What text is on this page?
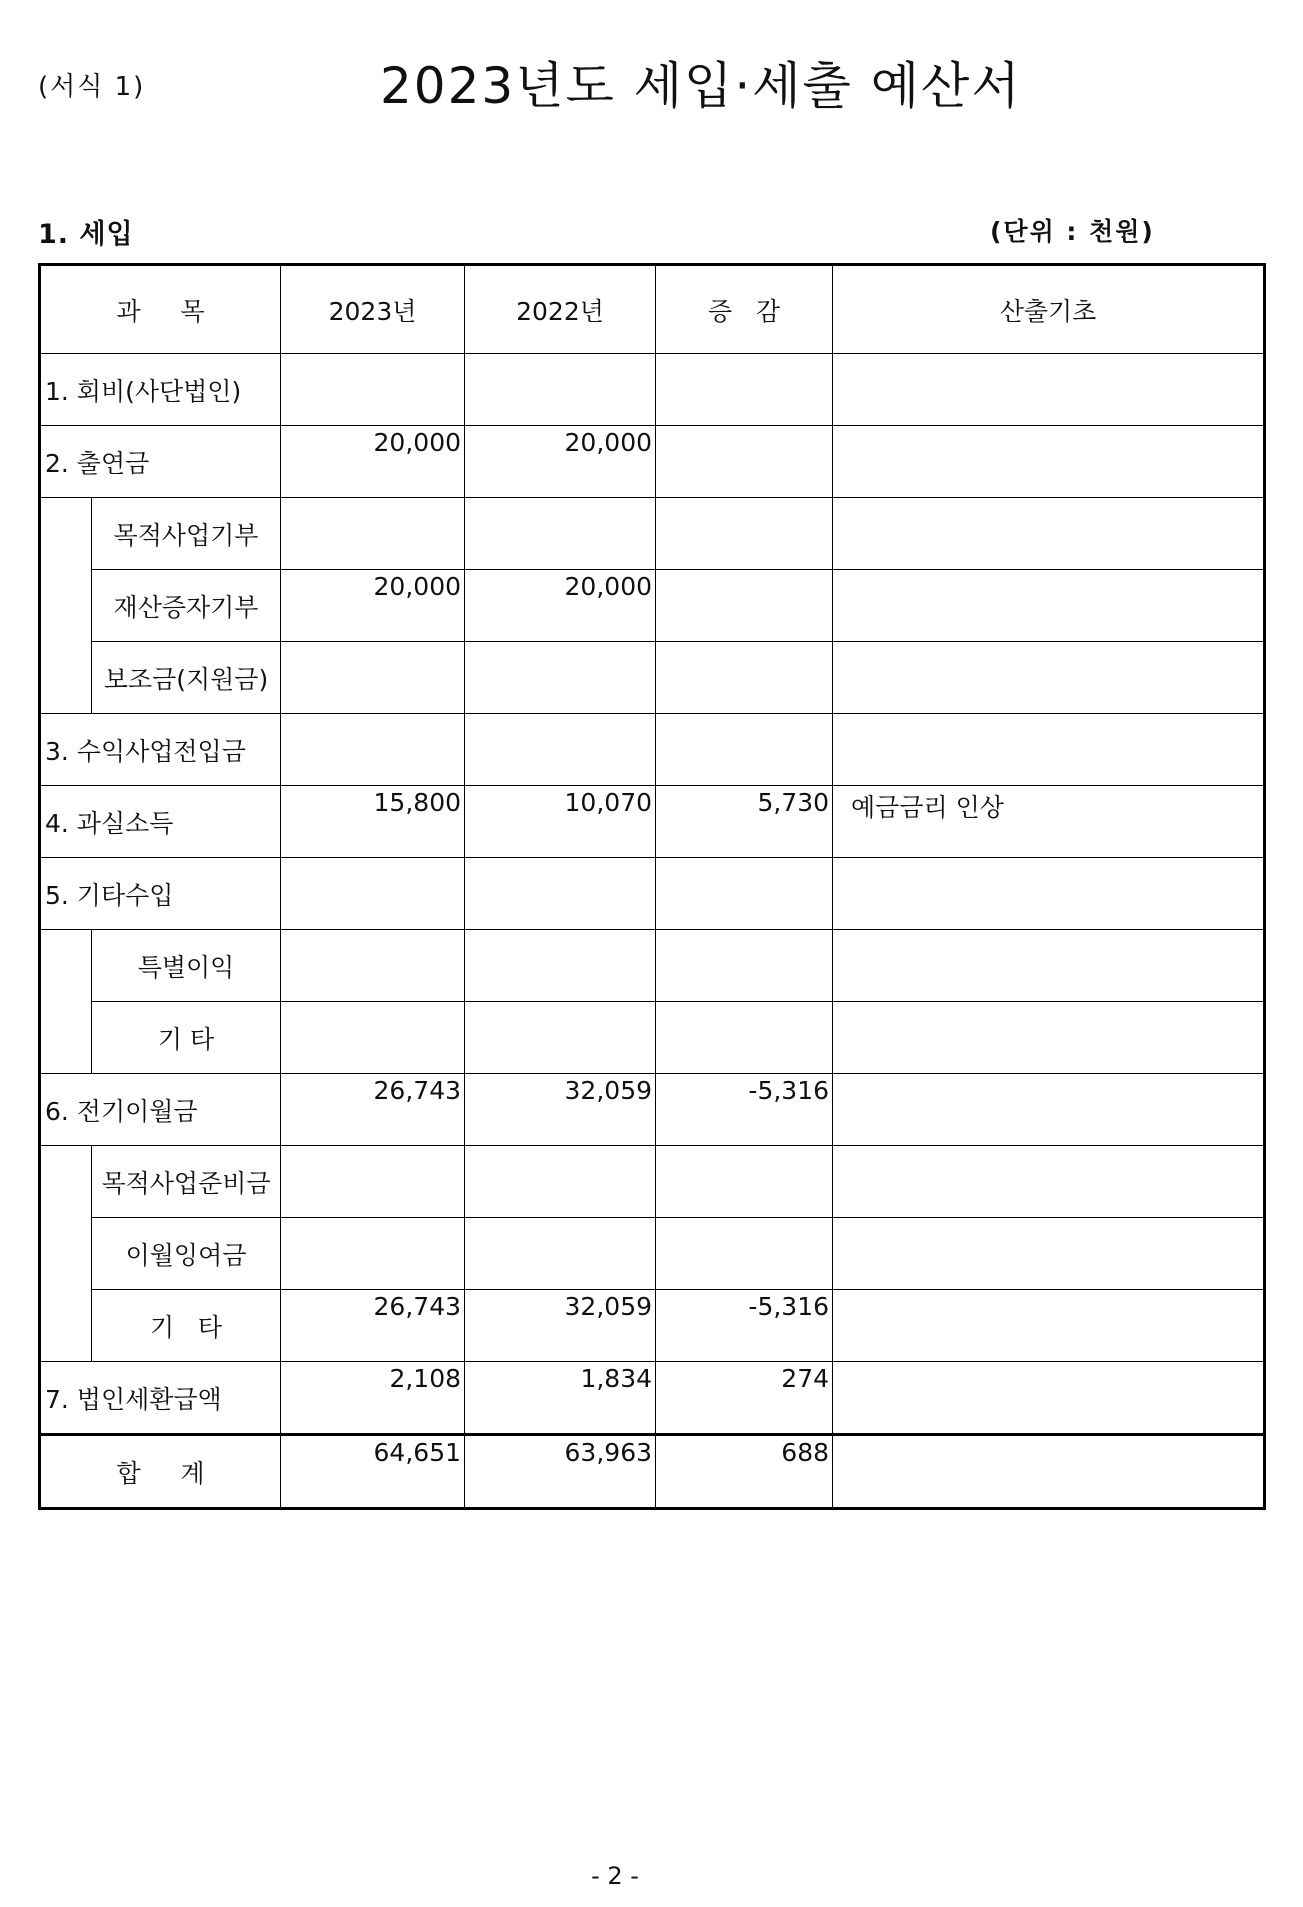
(서식 1)	2023년도 세입·세출 예산서
1. 세입	(단위 : 천원)
과     목		2023년	2022년	증   감	산출기초
1. 회비(사단법인)					
2. 출연금		20,000	20,000		
	목적사업기부				
	재산증자기부	20,000	20,000		
	보조금(지원금)				
3. 수익사업전입금					
4. 과실소득		15,800	10,070	5,730	예금금리 인상
5. 기타수입					
	특별이익				
	기 타				
6. 전기이월금		26,743	32,059	-5,316	
	목적사업준비금				
	이월잉여금				
	기   타	26,743	32,059	-5,316	
7. 법인세환급액		2,108	1,834	274	
합     계		64,651	63,963	688	
- 2 -
